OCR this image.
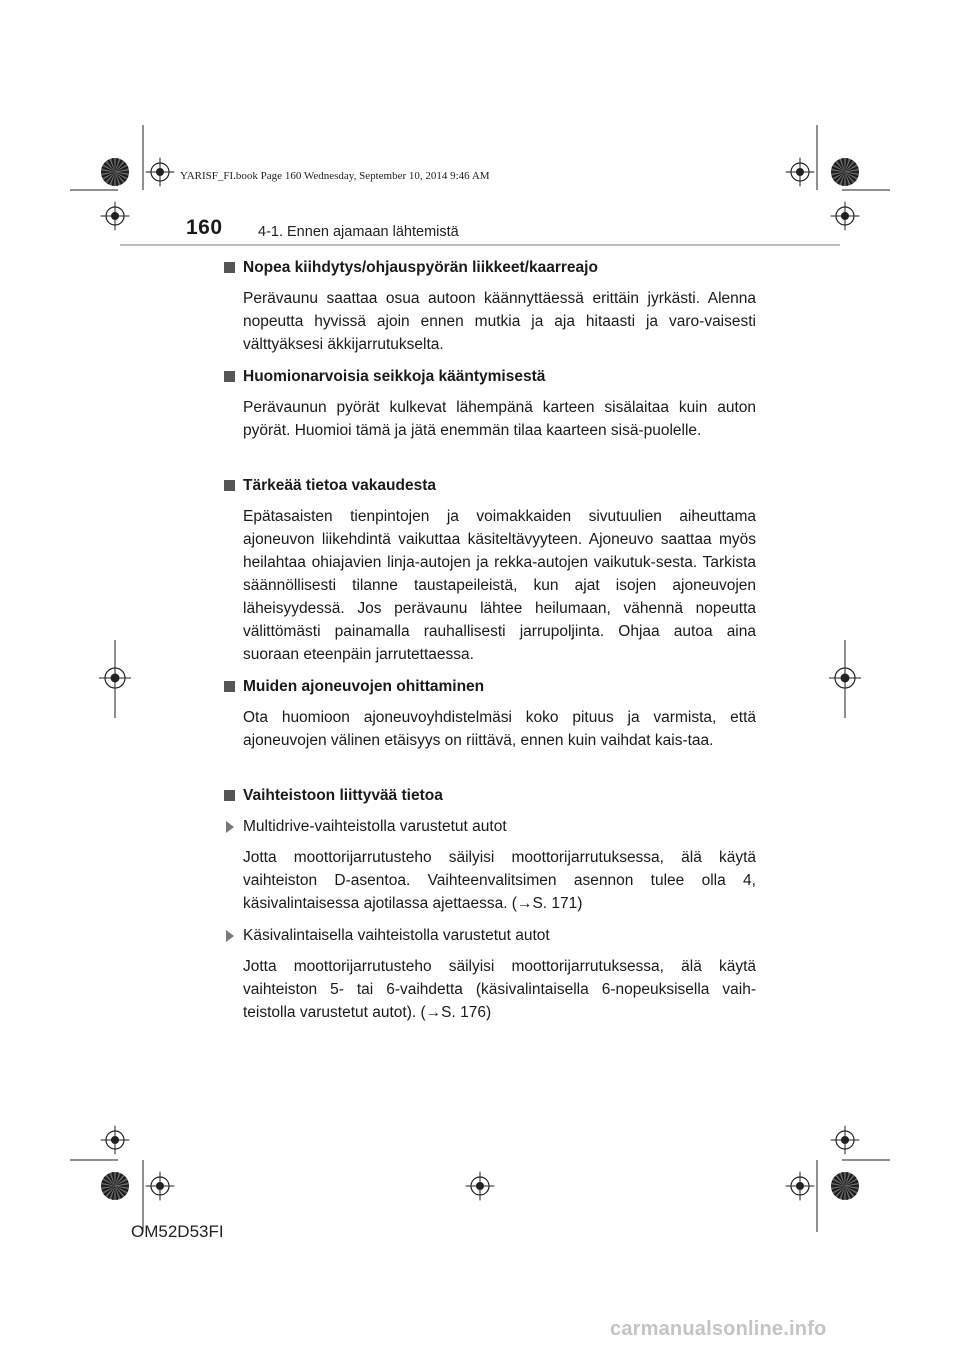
YARISF_FI.book Page 160 Wednesday, September 10, 2014 9:46 AM
160 4-1. Ennen ajamaan lähtemistä
Nopea kiihdytys/ohjauspyörän liikkeet/kaarreajo

Perävaunu saattaa osua autoon käännyttäessä erittäin jyrkästi. Alenna nopeutta hyvissä ajoin ennen mutkia ja aja hitaasti ja varo-vaisesti välttyäksesi äkkijarrutukselta.

Huomionarvoisia seikkoja kääntymisestä

Perävaunun pyörät kulkevat lähempänä karteen sisälaitaa kuin auton pyörät. Huomioi tämä ja jätä enemmän tilaa kaarteen sisä-puolelle.

Tärkeää tietoa vakaudesta

Epätasaisten tienpintojen ja voimakkaiden sivutuulien aiheuttama ajoneuvon liikehdintä vaikuttaa käsiteltävyyteen. Ajoneuvo saattaa myös heilahtaa ohiajavien linja-autojen ja rekka-autojen vaikutuk-sesta. Tarkista säännöllisesti tilanne taustapeileistä, kun ajat isojen ajoneuvojen läheisyydessä. Jos perävaunu lähtee heilumaan, vähennä nopeutta välittömästi painamalla rauhallisesti jarrupoljinta. Ohjaa autoa aina suoraan eteenpäin jarrutettaessa.

Muiden ajoneuvojen ohittaminen

Ota huomioon ajoneuvoyhdistelmäsi koko pituus ja varmista, että ajoneuvojen välinen etäisyys on riittävä, ennen kuin vaihdat kais-taa.

Vaihteistoon liittyvää tietoa
Multidrive-vaihteistolla varustetut autot

Jotta moottorijarrutusteho säilyisi moottorijarrutuksessa, älä käytä vaihteiston D-asentoa. Vaihteenvalitsimen asennon tulee olla 4, käsivalintaisessa ajotilassa ajettaessa. (→S. 171)

Käsivalintaisella vaihteistolla varustetut autot

Jotta moottorijarrutusteho säilyisi moottorijarrutuksessa, älä käytä vaihteiston 5- tai 6-vaihdetta (käsivalintaisella 6-nopeuksisella vaih-teistolla varustetut autot). (→S. 176)

OM52D53FI
carmanualsonline.info
